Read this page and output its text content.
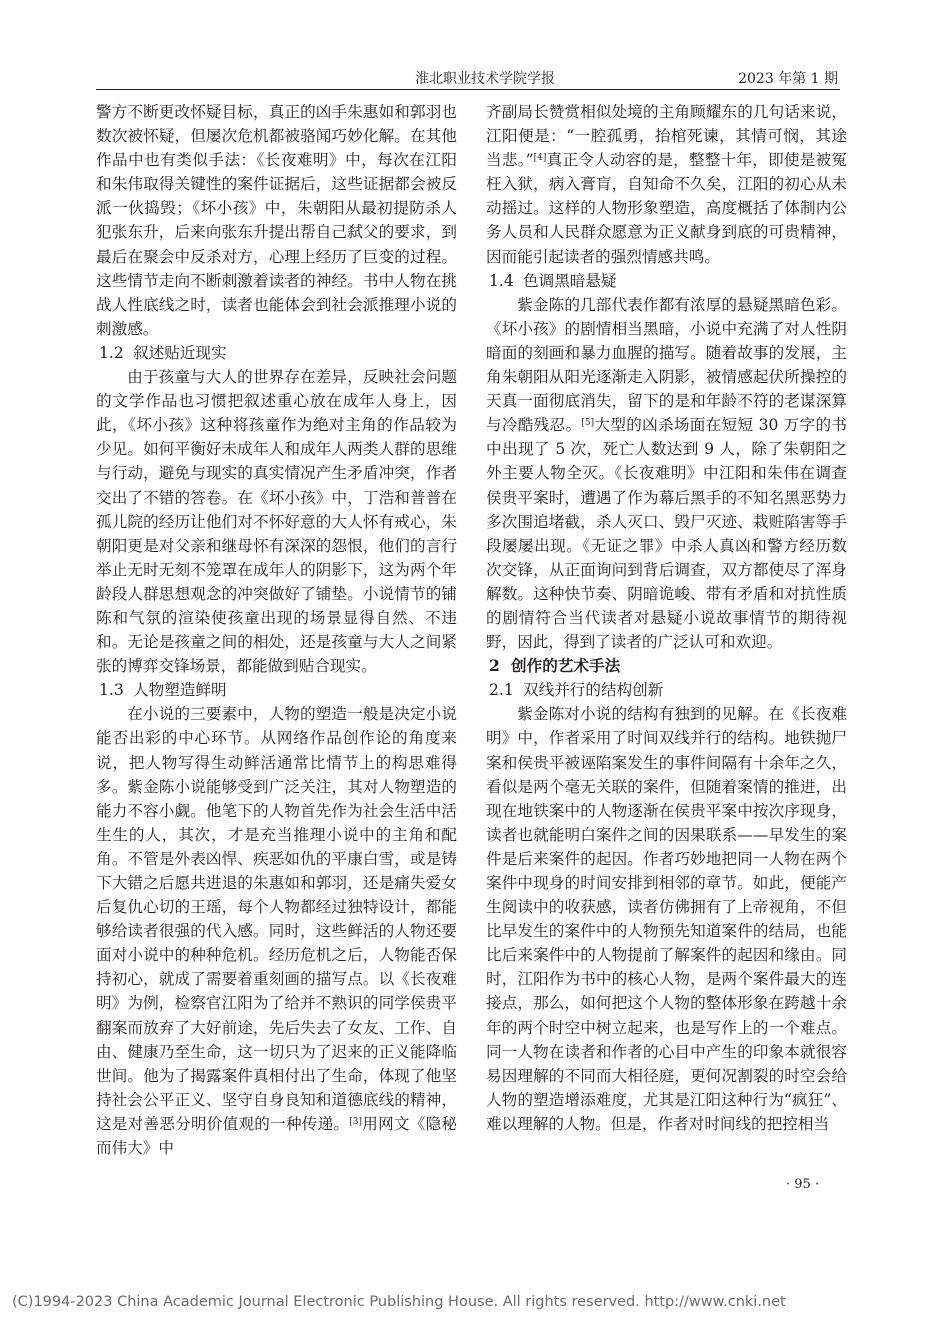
淮北职业技术学院学报	2023 年第 1 期

警方不断更改怀疑目标，真正的凶手朱惠如和郭羽也数次被怀疑，但屡次危机都被骆闻巧妙化解。在其他作品中也有类似手法：《长夜难明》中，每次在江阳和朱伟取得关键性的案件证据后，这些证据都会被反派一伙捣毁；《坏小孩》中，朱朝阳从最初提防杀人犯张东升，后来向张东升提出帮自己弑父的要求，到最后在聚会中反杀对方，心理上经历了巨变的过程。这些情节走向不断刺激着读者的神经。书中人物在挑战人性底线之时，读者也能体会到社会派推理小说的刺激感。

1.2 叙述贴近现实

由于孩童与大人的世界存在差异，反映社会问题的文学作品也习惯把叙述重心放在成年人身上，因此，《坏小孩》这种将孩童作为绝对主角的作品较为少见。如何平衡好未成年人和成年人两类人群的思维与行动，避免与现实的真实情况产生矛盾冲突，作者交出了不错的答卷。在《坏小孩》中，丁浩和普普在孤儿院的经历让他们对不怀好意的大人怀有戒心，朱朝阳更是对父亲和继母怀有深深的怨恨，他们的言行举止无时无刻不笼罩在成年人的阴影下，这为两个年龄段人群思想观念的冲突做好了铺垫。小说情节的铺陈和气氛的渲染使孩童出现的场景显得自然、不违和。无论是孩童之间的相处，还是孩童与大人之间紧张的博弈交锋场景，都能做到贴合现实。

1.3 人物塑造鲜明

在小说的三要素中，人物的塑造一般是决定小说能否出彩的中心环节。从网络作品创作论的角度来说，把人物写得生动鲜活通常比情节上的构思难得多。紫金陈小说能够受到广泛关注，其对人物塑造的能力不容小觑。他笔下的人物首先作为社会生活中活生生的人，其次，才是充当推理小说中的主角和配角。不管是外表凶悍、疾恶如仇的平康白雪，或是铸下大错之后愿共进退的朱惠如和郭羽，还是痛失爱女后复仇心切的王瑶，每个人物都经过独特设计，都能够给读者很强的代入感。同时，这些鲜活的人物还要面对小说中的种种危机。经历危机之后，人物能否保持初心，就成了需要着重刻画的描写点。以《长夜难明》为例，检察官江阳为了给并不熟识的同学侯贵平翻案而放弃了大好前途，先后失去了女友、工作、自由、健康乃至生命，这一切只为了迟来的正义能降临世间。他为了揭露案件真相付出了生命，体现了他坚持社会公平正义、坚守自身良知和道德底线的精神，这是对善恶分明价值观的一种传递。[3]用网文《隐秘而伟大》中

齐副局长赞赏相似处境的主角顾耀东的几句话来说，江阳便是：“一腔孤勇，抬棺死谏，其情可悯，其途当悲。”[4]真正令人动容的是，整整十年，即使是被冤枉入狱，病入膏肓，自知命不久矣，江阳的初心从未动摇过。这样的人物形象塑造，高度概括了体制内公务人员和人民群众愿意为正义献身到底的可贵精神，因而能引起读者的强烈情感共鸣。

1.4 色调黑暗悬疑

紫金陈的几部代表作都有浓厚的悬疑黑暗色彩。《坏小孩》的剧情相当黑暗，小说中充满了对人性阴暗面的刻画和暴力血腥的描写。随着故事的发展，主角朱朝阳从阳光逐渐走入阴影，被情感起伏所操控的天真一面彻底消失，留下的是和年龄不符的老谋深算与冷酷残忍。[5]大型的凶杀场面在短短 30 万字的书中出现了 5 次，死亡人数达到 9 人，除了朱朝阳之外主要人物全灭。《长夜难明》中江阳和朱伟在调查侯贵平案时，遭遇了作为幕后黑手的不知名黑恶势力多次围追堵截，杀人灭口、毁尸灭迹、栽赃陷害等手段屡屡出现。《无证之罪》中杀人真凶和警方经历数次交锋，从正面询问到背后调查，双方都使尽了浑身解数。这种快节奏、阴暗诡峻、带有矛盾和对抗性质的剧情符合当代读者对悬疑小说故事情节的期待视野，因此，得到了读者的广泛认可和欢迎。

2 创作的艺术手法
2.1 双线并行的结构创新

紫金陈对小说的结构有独到的见解。在《长夜难明》中，作者采用了时间双线并行的结构。地铁抛尸案和侯贵平被诬陷案发生的事件间隔有十余年之久，看似是两个毫无关联的案件，但随着案情的推进，出现在地铁案中的人物逐渐在侯贵平案中按次序现身，读者也就能明白案件之间的因果联系——早发生的案件是后来案件的起因。作者巧妙地把同一人物在两个案件中现身的时间安排到相邻的章节。如此，便能产生阅读中的收获感，读者仿佛拥有了上帝视角，不但比早发生的案件中的人物预先知道案件的结局，也能比后来案件中的人物提前了解案件的起因和缘由。同时，江阳作为书中的核心人物，是两个案件最大的连接点，那么，如何把这个人物的整体形象在跨越十余年的两个时空中树立起来，也是写作上的一个难点。同一人物在读者和作者的心目中产生的印象本就很容易因理解的不同而大相径庭，更何况割裂的时空会给人物的塑造增添难度，尤其是江阳这种行为“疯狂”、难以理解的人物。但是，作者对时间线的把控相当

· 95 ·
(C)1994-2023 China Academic Journal Electronic Publishing House. All rights reserved. http://www.cnki.net
